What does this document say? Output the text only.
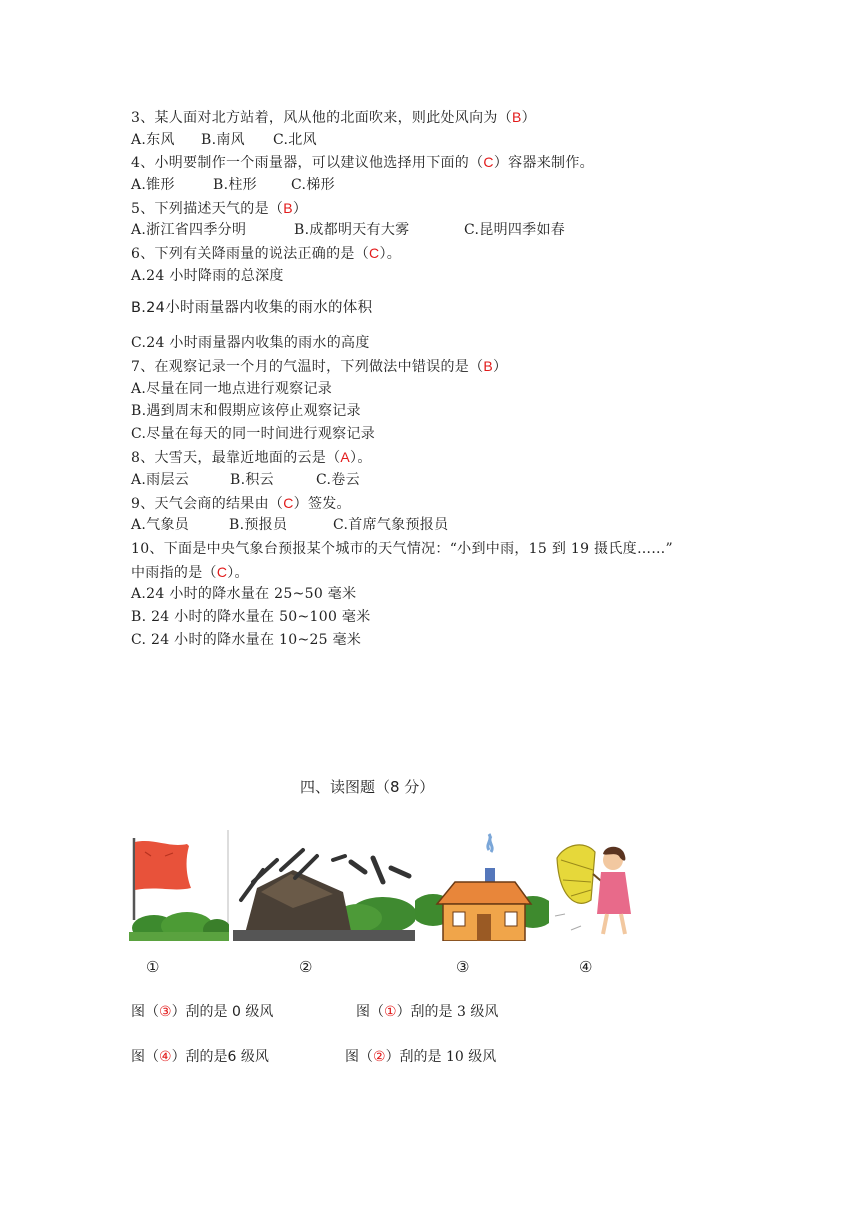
3、某人面对北方站着，风从他的北面吹来，则此处风向为（B）
A.东风 B.南风 C.北风
4、小明要制作一个雨量器，可以建议他选择用下面的（C）容器来制作。
A.锥形	B.柱形 C.梯形
5、下列描述天气的是（B）
A.浙江省四季分明	B.成都明天有大雾	C.昆明四季如春
6、下列有关降雨量的说法正确的是（C）。
A.24 小时降雨的总深度
B.24小时雨量器内收集的雨水的体积
C.24 小时雨量器内收集的雨水的高度
7、在观察记录一个月的气温时，下列做法中错误的是（B）
A.尽量在同一地点进行观察记录
B.遇到周末和假期应该停止观察记录
C.尽量在每天的同一时间进行观察记录
8、大雪天，最靠近地面的云是（A）。
A.雨层云	B.积云	C.卷云
9、天气会商的结果由（C）签发。
A.气象员	B.预报员	C.首席气象预报员
10、下面是中央气象台预报某个城市的天气情况：“小到中雨，15 到 19 摄氏度……”
中雨指的是（C）。
A.24 小时的降水量在 25~50 毫米
B. 24 小时的降水量在 50~100 毫米
C. 24 小时的降水量在 10~25 毫米
四、读图题（8 分）
①	②	③	④
图（③）刮的是 0 级风	图（①）刮的是 3 级风
图（④）刮的是6 级风	图（②）刮的是 10 级风
